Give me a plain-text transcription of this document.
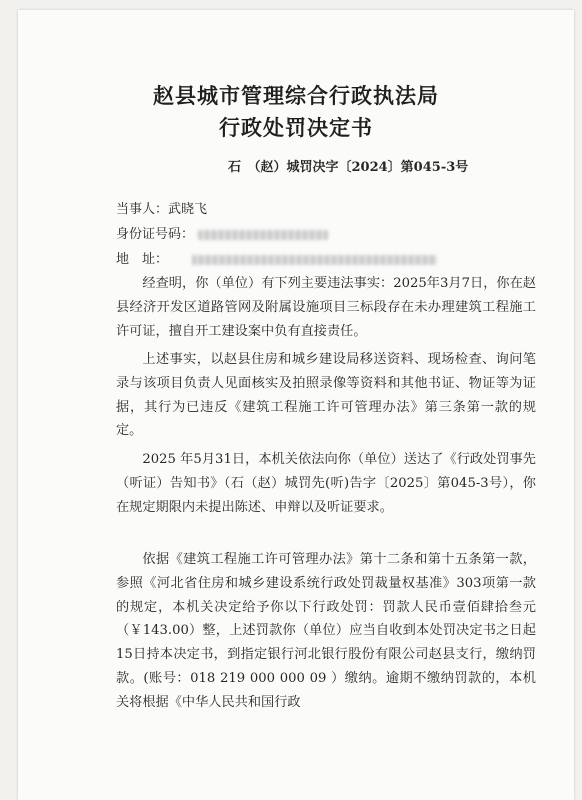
赵县城市管理综合行政执法局
行政处罚决定书
石　（赵）城罚决字〔2024〕第045-3号
当事人：武晓飞
身份证号码：
地　址：
经查明，你（单位）有下列主要违法事实：2025年3月7日，你在赵县经济开发区道路管网及附属设施项目三标段存在未办理建筑工程施工许可证，擅自开工建设案中负有直接责任。
上述事实，以赵县住房和城乡建设局移送资料、现场检查、询问笔录与该项目负责人见面核实及拍照录像等资料和其他书证、物证等为证据，其行为已违反《建筑工程施工许可管理办法》第三条第一款的规定。
2025 年5月31日，本机关依法向你（单位）送达了《行政处罚事先（听证）告知书》（石（赵）城罚先(听)告字〔2025〕第045-3号），你在规定期限内未提出陈述、申辩以及听证要求。
依据《建筑工程施工许可管理办法》第十二条和第十五条第一款，参照《河北省住房和城乡建设系统行政处罚裁量权基准》303项第一款的规定，本机关决定给予你以下行政处罚：罚款人民币壹佰肆拾叁元（￥143.00）整，上述罚款你（单位）应当自收到本处罚决定书之日起15日持本决定书，到指定银行河北银行股份有限公司赵县支行，缴纳罚款。(账号：018 219 000 000 09 ）缴纳。逾期不缴纳罚款的，本机关将根据《中华人民共和国行政
